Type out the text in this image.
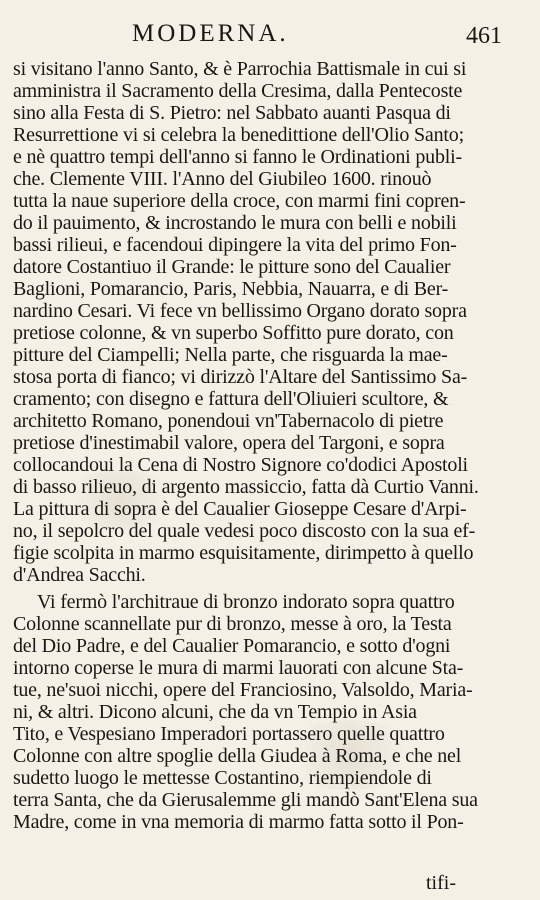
MODERNA.	461
si visitano l'anno Santo, & è Parrochia Battismale in cui si
amministra il Sacramento della Cresima, dalla Pentecoste
sino alla Festa di S. Pietro: nel Sabbato auanti Pasqua di
Resurrettione vi si celebra la benedittione dell'Olio Santo;
e nè quattro tempi dell'anno si fanno le Ordinationi publi-
che. Clemente VIII. l'Anno del Giubileo 1600. rinouò
tutta la naue superiore della croce, con marmi fini copren-
do il pauimento, & incrostando le mura con belli e nobili
bassi rilieui, e facendoui dipingere la vita del primo Fon-
datore Costantiuo il Grande: le pitture sono del Caualier
Baglioni, Pomarancio, Paris, Nebbia, Nauarra, e di Ber-
nardino Cesari. Vi fece vn bellissimo Organo dorato sopra
pretiose colonne, & vn superbo Soffitto pure dorato, con
pitture del Ciampelli; Nella parte, che risguarda la mae-
stosa porta di fianco; vi dirizzò l'Altare del Santissimo Sa-
cramento; con disegno e fattura dell'Oliuieri scultore, &
architetto Romano, ponendoui vn'Tabernacolo di pietre
pretiose d'inestimabil valore, opera del Targoni, e sopra
collocandoui la Cena di Nostro Signore co'dodici Apostoli
di basso rilieuo, di argento massiccio, fatta dà Curtio Vanni.
La pittura di sopra è del Caualier Gioseppe Cesare d'Arpi-
no, il sepolcro del quale vedesi poco discosto con la sua ef-
figie scolpita in marmo esquisitamente, dirimpetto à quello
d'Andrea Sacchi.
Vi fermò l'architraue di bronzo indorato sopra quattro
Colonne scannellate pur di bronzo, messe à oro, la Testa
del Dio Padre, e del Caualier Pomarancio, e sotto d'ogni
intorno coperse le mura di marmi lauorati con alcune Sta-
tue, ne'suoi nicchi, opere del Franciosino, Valsoldo, Maria-
ni, & altri. Dicono alcuni, che da vn Tempio in Asia
Tito, e Vespesiano Imperadori portassero quelle quattro
Colonne con altre spoglie della Giudea à Roma, e che nel
sudetto luogo le mettesse Costantino, riempiendole di
terra Santa, che da Gierusalemme gli mandò Sant'Elena sua
Madre, come in vna memoria di marmo fatta sotto il Pon-
tifi-
